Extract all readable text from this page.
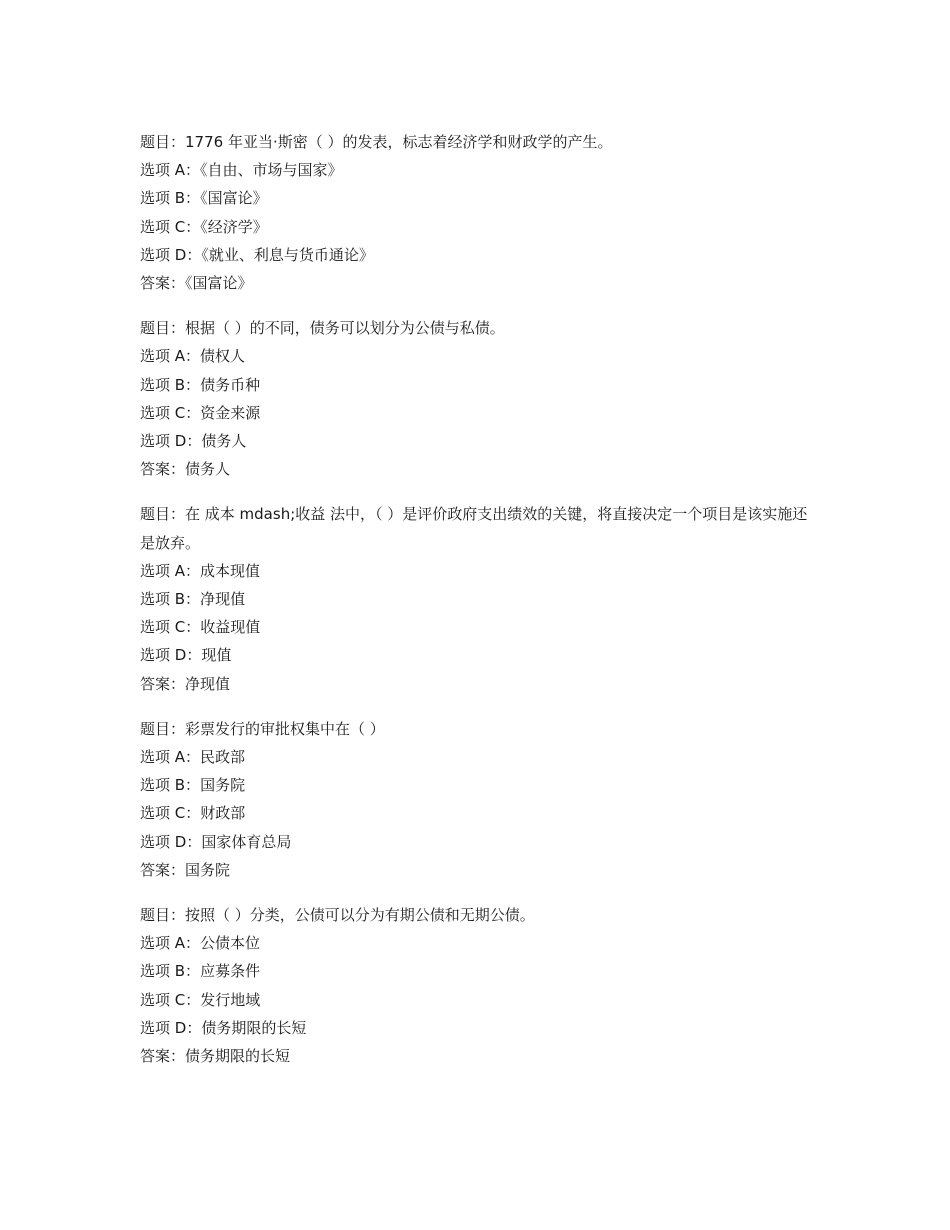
题目：1776 年亚当·斯密（ ）的发表，标志着经济学和财政学的产生。
选项 A：《自由、市场与国家》
选项 B：《国富论》
选项 C：《经济学》
选项 D：《就业、利息与货币通论》
答案：《国富论》
题目：根据（ ）的不同，债务可以划分为公债与私债。
选项 A：债权人
选项 B：债务币种
选项 C：资金来源
选项 D：债务人
答案：债务人
题目：在 成本 mdash;收益 法中，（ ）是评价政府支出绩效的关键，将直接决定一个项目是该实施还是放弃。
选项 A：成本现值
选项 B：净现值
选项 C：收益现值
选项 D：现值
答案：净现值
题目：彩票发行的审批权集中在（ ）
选项 A：民政部
选项 B：国务院
选项 C：财政部
选项 D：国家体育总局
答案：国务院
题目：按照（ ）分类，公债可以分为有期公债和无期公债。
选项 A：公债本位
选项 B：应募条件
选项 C：发行地域
选项 D：债务期限的长短
答案：债务期限的长短
